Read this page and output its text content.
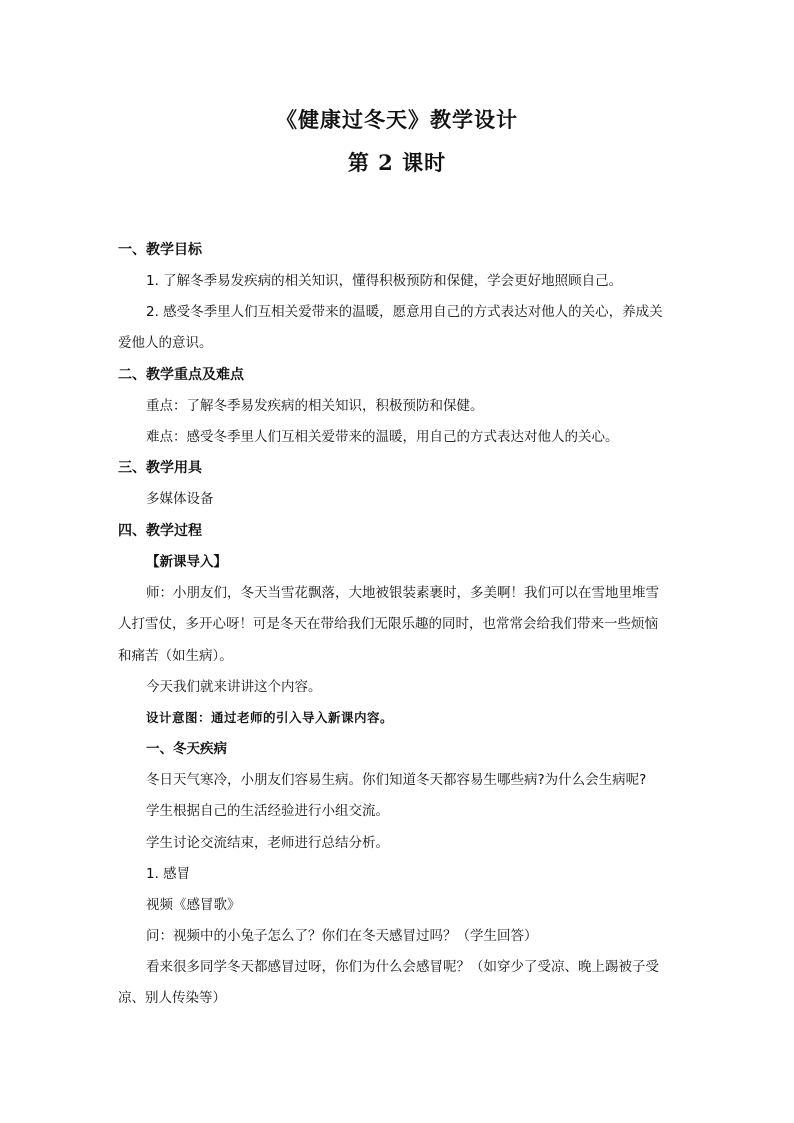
《健康过冬天》教学设计
第 2 课时
一、教学目标
1. 了解冬季易发疾病的相关知识，懂得积极预防和保健，学会更好地照顾自己。
2. 感受冬季里人们互相关爱带来的温暖，愿意用自己的方式表达对他人的关心，养成关
爱他人的意识。
二、教学重点及难点
重点：了解冬季易发疾病的相关知识，积极预防和保健。
难点：感受冬季里人们互相关爱带来的温暖，用自己的方式表达对他人的关心。
三、教学用具
多媒体设备
四、教学过程
【新课导入】
师：小朋友们，冬天当雪花飘落，大地被银装素裹时，多美啊！我们可以在雪地里堆雪
人打雪仗，多开心呀！可是冬天在带给我们无限乐趣的同时，也常常会给我们带来一些烦恼
和痛苦（如生病）。
今天我们就来讲讲这个内容。
设计意图：通过老师的引入导入新课内容。
一、冬天疾病
冬日天气寒冷，小朋友们容易生病。你们知道冬天都容易生哪些病?为什么会生病呢?
学生根据自己的生活经验进行小组交流。
学生讨论交流结束，老师进行总结分析。
1. 感冒
视频《感冒歌》
问：视频中的小兔子怎么了？你们在冬天感冒过吗？（学生回答）
看来很多同学冬天都感冒过呀，你们为什么会感冒呢？（如穿少了受凉、晚上踢被子受
凉、别人传染等）
